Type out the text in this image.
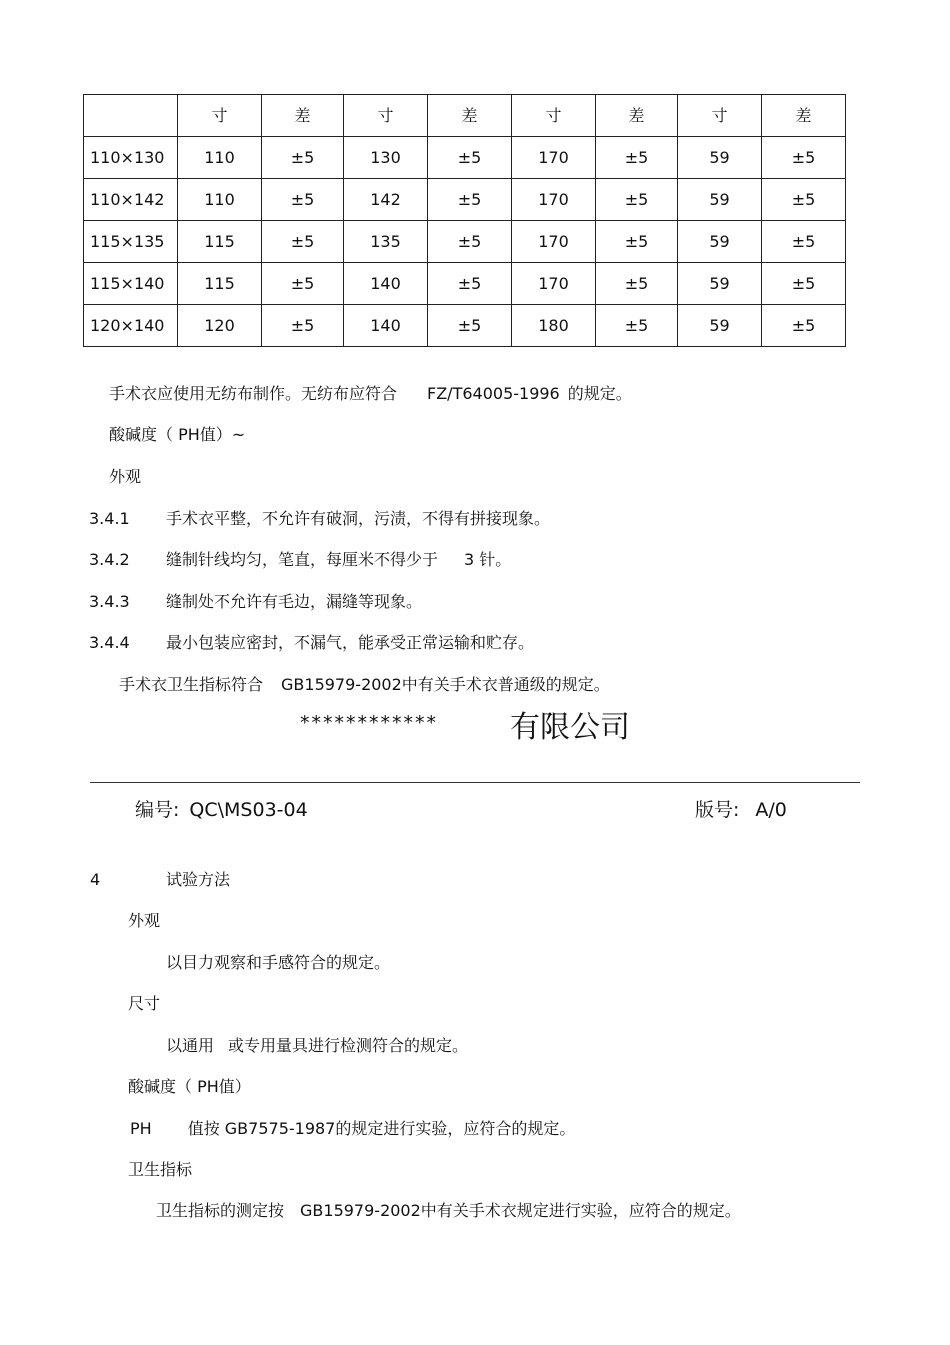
	寸	差	寸	差	寸	差	寸	差
110×130	110	±5	130	±5	170	±5	59	±5
110×142	110	±5	142	±5	170	±5	59	±5
115×135	115	±5	135	±5	170	±5	59	±5
115×140	115	±5	140	±5	170	±5	59	±5
120×140	120	±5	140	±5	180	±5	59	±5
手术衣应使用无纺布制作。无纺布应符合 FZ/T64005-1996 的规定。
酸碱度（ PH值）~
外观
3.4.1 手术衣平整，不允许有破洞，污渍，不得有拼接现象。
3.4.2 缝制针线均匀，笔直，每厘米不得少于 3 针。
3.4.3 缝制处不允许有毛边，漏缝等现象。
3.4.4 最小包装应密封，不漏气，能承受正常运输和贮存。
手术衣卫生指标符合 GB15979-2002中有关手术衣普通级的规定。
************ 有限公司
编号: QC\MS03-04	版号: A/0
4	试验方法
外观
以目力观察和手感符合的规定。
尺寸
以通用 或专用量具进行检测符合的规定。
酸碱度（ PH值）
PH 值按 GB7575-1987的规定进行实验，应符合的规定。
卫生指标
卫生指标的测定按 GB15979-2002中有关手术衣规定进行实验，应符合的规定。
